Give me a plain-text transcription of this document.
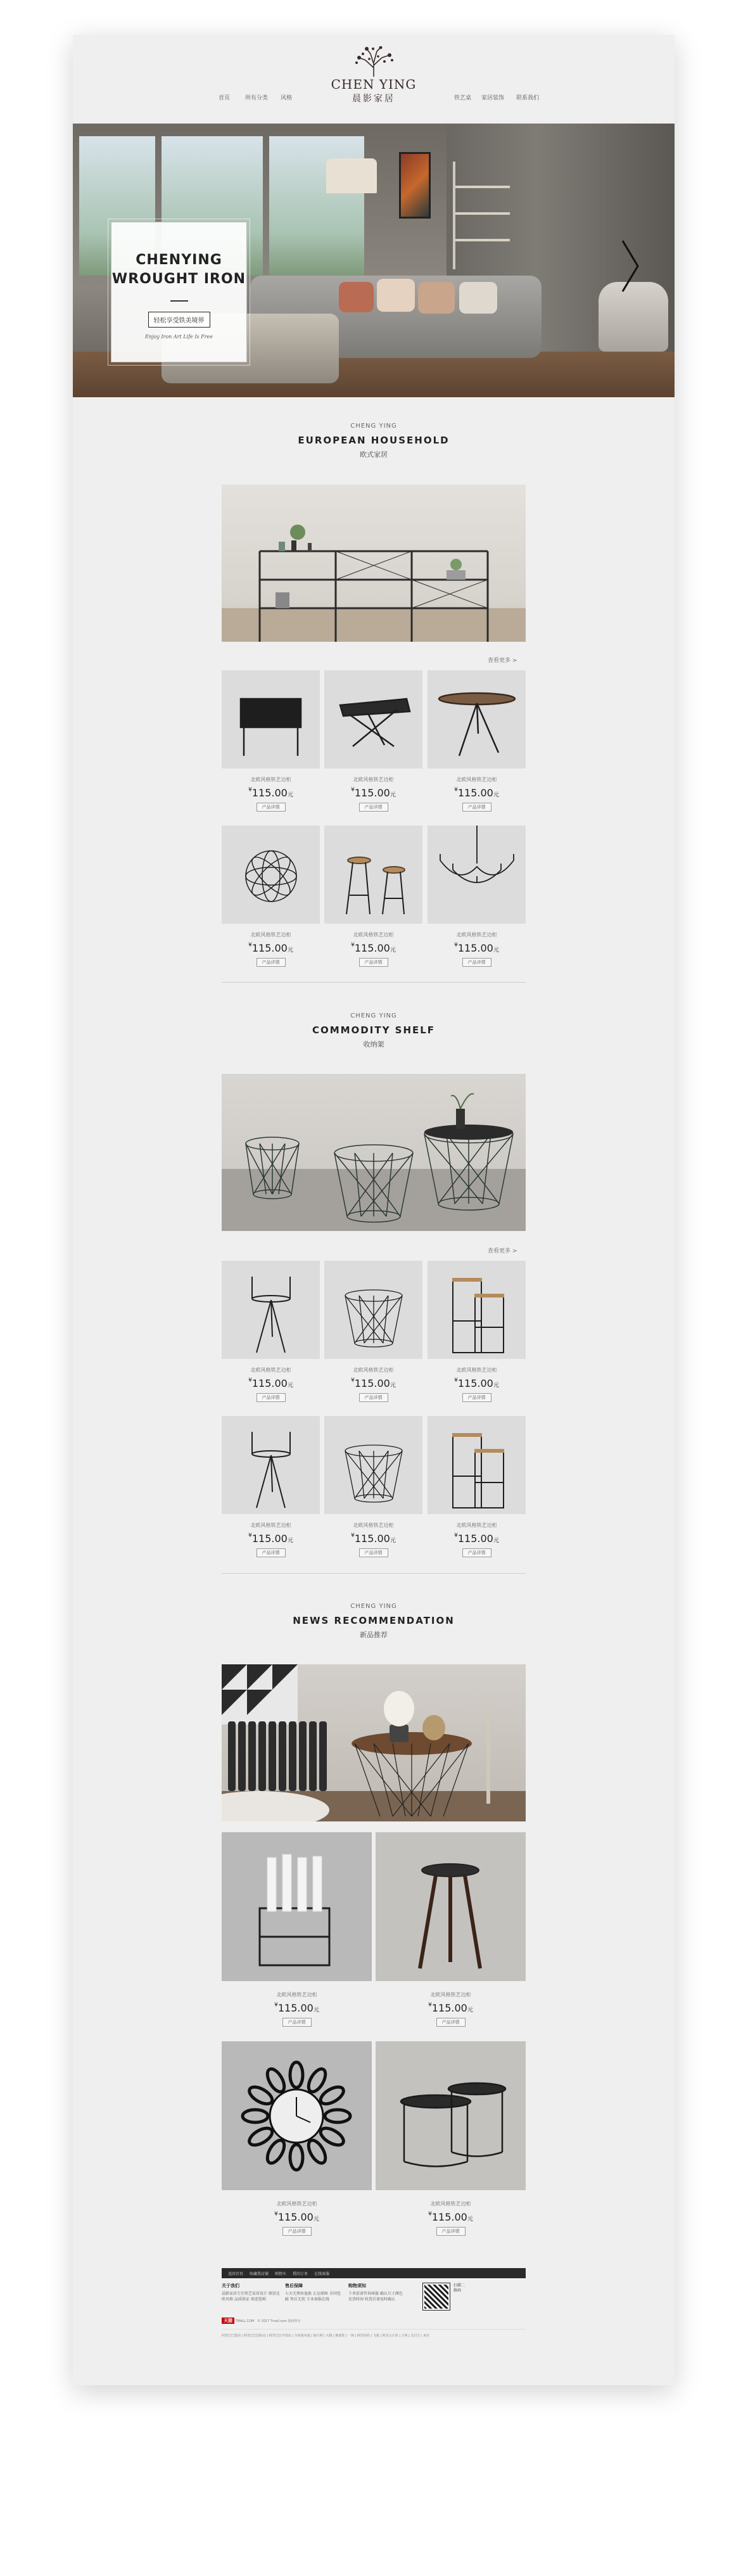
首页	所有分类 风格
CHEN YING
晨影家居	铁艺桌 家居装饰 联系我们
CHENYING
WROUGHT IRON
轻松享受铁美境界
Enjoy Iron Art Life Is Free
CHENG YING
EUROPEAN HOUSEHOLD
欧式家居
查看更多 >
北欧风格铁艺边柜
¥115.00元
产品详情
北欧风格铁艺边柜
¥115.00元
产品详情
北欧风格铁艺边柜
¥115.00元
产品详情
北欧风格铁艺边柜
¥115.00元
产品详情
北欧风格铁艺边柜
¥115.00元
产品详情
北欧风格铁艺边柜
¥115.00元
产品详情
CHENG YING
COMMODITY SHELF
收纳架
查看更多 >
北欧风格铁艺边柜
¥115.00元
产品详情
北欧风格铁艺边柜
¥115.00元
产品详情
北欧风格铁艺边柜
¥115.00元
产品详情
北欧风格铁艺边柜
¥115.00元
产品详情
北欧风格铁艺边柜
¥115.00元
产品详情
北欧风格铁艺边柜
¥115.00元
产品详情
CHENG YING
NEWS RECOMMENDATION
新品推荐
北欧风格铁艺边柜
¥115.00元
产品详情
北欧风格铁艺边柜
¥115.00元
产品详情
北欧风格铁艺边柜
¥115.00元
产品详情
北欧风格铁艺边柜
¥115.00元
产品详情
返回首页 收藏我店铺 购物车 我的订单 在线客服
关于我们
晨影家居专注铁艺家居设计 原创北欧风格 品质保证 欢迎选购
售后保障
七天无理由退换 正品保障 全国包邮 售后无忧 专业客服在线
购物须知
下单前请咨询客服 确认尺寸颜色 发货时间 收货后请及时确认
扫描二维码
天猫 TMALL.COM © 2017 Tmall.com 版权所有
阿里巴巴集团 | 阿里巴巴国际站 | 阿里巴巴中国站 | 全球速卖通 | 淘宝网 | 天猫 | 聚划算 | 一淘 | 阿里妈妈 | 飞猪 | 阿里云计算 | 万网 | 支付宝 | 来往
